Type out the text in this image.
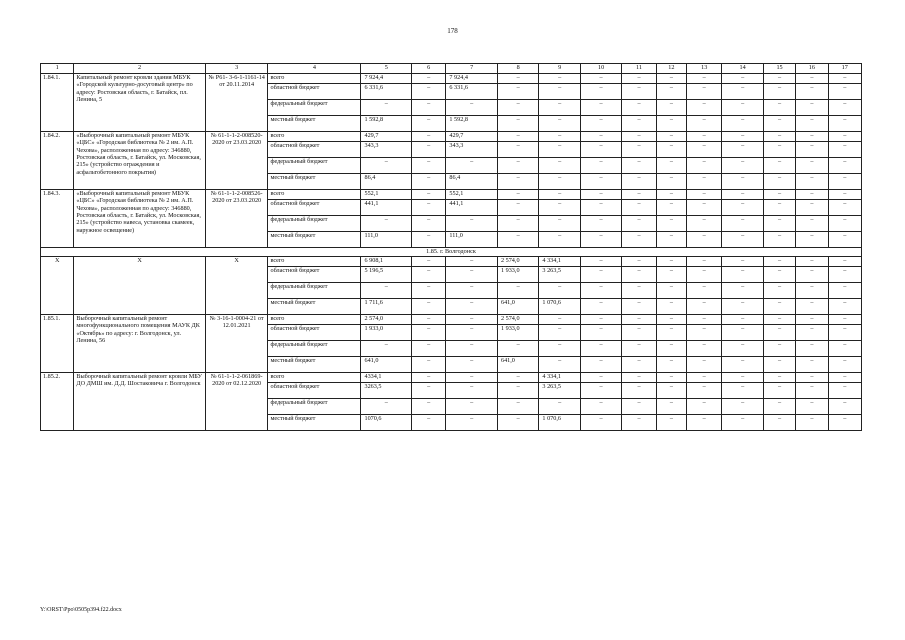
178
1	2	3	4	5	6	7	8	9	10	11	12	13	14	15	16	17
1.84.1.	Капитальный ремонт кровли здания МБУК «Городской культурно-досуговый центр» по адресу: Ростовская область, г. Батайск, пл. Ленина, 5	№ Р61- 3-6-1-1161-14 от 20.11.2014	всего	7 924,4	–	7 924,4	–	–	–	–	–	–	–	–	–	–
			областной бюджет	6 331,6	–	6 331,6	–	–	–	–	–	–	–	–	–	–
			федеральный бюджет	–	–	–	–	–	–	–	–	–	–	–	–	–
			местный бюджет	1 592,8	–	1 592,8	–	–	–	–	–	–	–	–	–	–
1.84.2.	«Выборочный капитальный ремонт МБУК «ЦБС» «Городская библиотека № 2 им. А.П. Чехова», расположенная по адресу: 346880, Ростовская область, г. Батайск, ул. Московская, 215» (устройство ограждения и асфальтобетонного покрытия)	№ 61-1-1-2-008520-2020 от 23.03.2020	всего	429,7	–	429,7	–	–	–	–	–	–	–	–	–	–
			областной бюджет	343,3	–	343,3	–	–	–	–	–	–	–	–	–	–
			федеральный бюджет	–	–	–	–	–	–	–	–	–	–	–	–	–
			местный бюджет	86,4	–	86,4	–	–	–	–	–	–	–	–	–	–
1.84.3.	«Выборочный капитальный ремонт МБУК «ЦБС» «Городская библиотека № 2 им. А.П. Чехова», расположенная по адресу: 346880, Ростовская область, г. Батайск, ул. Московская, 215» (устройство навеса, установка скамеек, наружное освещение)	№ 61-1-1-2-008526-2020 от 23.03.2020	всего	552,1	–	552,1	–	–	–	–	–	–	–	–	–	–
			областной бюджет	441,1	–	441,1	–	–	–	–	–	–	–	–	–	–
			федеральный бюджет	–	–	–	–	–	–	–	–	–	–	–	–	–
			местный бюджет	111,0	–	111,0	–	–	–	–	–	–	–	–	–	–
1.85. г. Волгодонск																
Х	Х	Х	всего	6 908,1	–	–	2 574,0	4 334,1	–	–	–	–	–	–	–	–
			областной бюджет	5 196,5	–	–	1 933,0	3 263,5	–	–	–	–	–	–	–	–
			федеральный бюджет	–	–	–	–	–	–	–	–	–	–	–	–	–
			местный бюджет	1 711,6	–	–	641,0	1 070,6	–	–	–	–	–	–	–	–
1.85.1.	Выборочный капитальный ремонт многофункционального помещения МАУК ДК «Октябрь» по адресу: г. Волгодонск, ул. Ленина, 56	№ 3-16-1-0004-21 от 12.01.2021	всего	2 574,0	–	–	2 574,0	–	–	–	–	–	–	–	–	–
			областной бюджет	1 933,0	–	–	1 933,0	–	–	–	–	–	–	–	–	–
			федеральный бюджет	–	–	–	–	–	–	–	–	–	–	–	–	–
			местный бюджет	641,0	–	–	641,0	–	–	–	–	–	–	–	–	–
1.85.2.	Выборочный капитальный ремонт кровли МБУ ДО ДМШ им. Д.Д. Шостаковича г. Волгодонск	№ 61-1-1-2-061869-2020 от 02.12.2020	всего	4334,1	–	–	–	4 334,1	–	–	–	–	–	–	–	–
			областной бюджет	3263,5	–	–	–	3 263,5	–	–	–	–	–	–	–	–
			федеральный бюджет	–	–	–	–	–	–	–	–	–	–	–	–	–
			местный бюджет	1070,6	–	–	–	1 070,6	–	–	–	–	–	–	–	–
Y:\ORST\Ppo\0505p394.f22.docx
